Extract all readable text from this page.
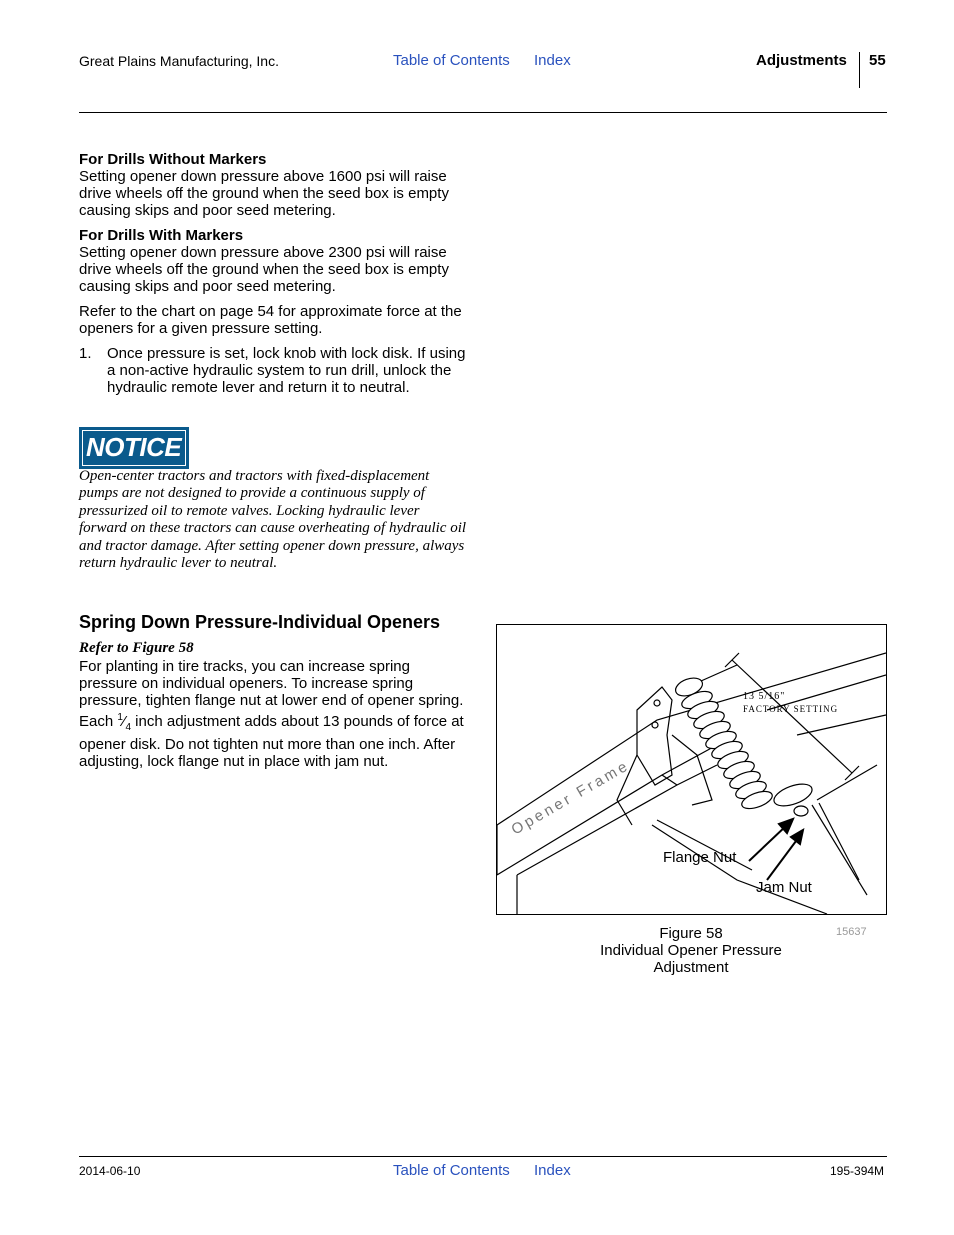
Great Plains Manufacturing, Inc.	Table of Contents Index	Adjustments 55

For Drills Without Markers

Setting opener down pressure above 1600 psi will raise drive wheels off the ground when the seed box is empty causing skips and poor seed metering.

For Drills With Markers

Setting opener down pressure above 2300 psi will raise drive wheels off the ground when the seed box is empty causing skips and poor seed metering.

Refer to the chart on page 54 for approximate force at the openers for a given pressure setting.

1.	Once pressure is set, lock knob with lock disk. If using a non-active hydraulic system to run drill, unlock the hydraulic remote lever and return it to neutral.
NOTICE
Open-center tractors and tractors with fixed-displacement pumps are not designed to provide a continuous supply of pressurized oil to remote valves. Locking hydraulic lever forward on these tractors can cause overheating of hydraulic oil and tractor damage. After setting opener down pressure, always return hydraulic lever to neutral.
Spring Down Pressure-Individual Openers
Refer to Figure 58
For planting in tire tracks, you can increase spring pressure on individual openers. To increase spring pressure, tighten flange nut at lower end of opener spring. Each $^1⁄_4$ inch adjustment adds about 13 pounds of force at opener disk. Do not tighten nut more than one inch. After adjusting, lock flange nut in place with jam nut.
13 5/16"
FACTORY SETTING
Opener Frame
Flange Nut
Jam Nut
Figure 58
Individual Opener Pressure
Adjustment
15637
2014-06-10	Table of Contents Index	195-394M
